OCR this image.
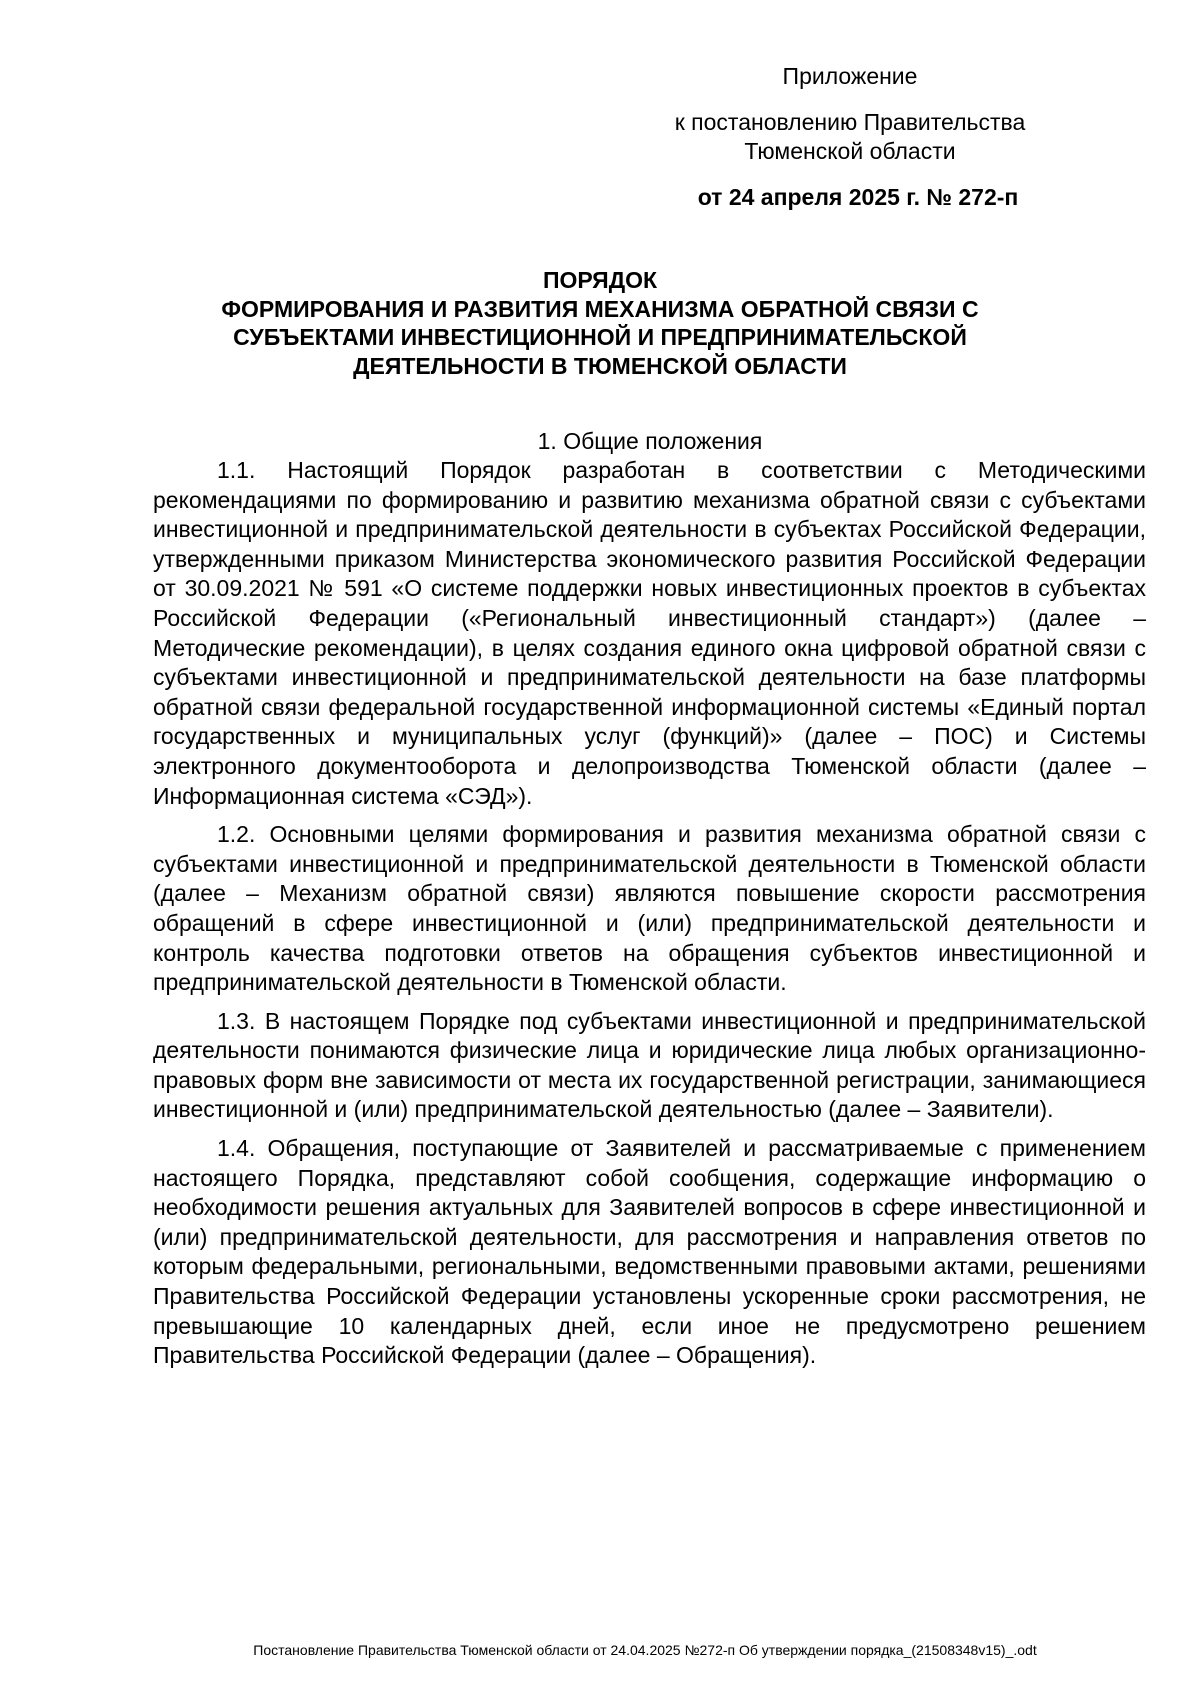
Приложение
к постановлению Правительства
Тюменской области
от 24 апреля 2025 г. № 272-п
ПОРЯДОК
ФОРМИРОВАНИЯ И РАЗВИТИЯ МЕХАНИЗМА ОБРАТНОЙ СВЯЗИ С
СУБЪЕКТАМИ ИНВЕСТИЦИОННОЙ И ПРЕДПРИНИМАТЕЛЬСКОЙ
ДЕЯТЕЛЬНОСТИ В ТЮМЕНСКОЙ ОБЛАСТИ
1. Общие положения

1.1. Настоящий Порядок разработан в соответствии с Методическими рекомендациями по формированию и развитию механизма обратной связи с субъектами инвестиционной и предпринимательской деятельности в субъектах Российской Федерации, утвержденными приказом Министерства экономического развития Российской Федерации от 30.09.2021 № 591 «О системе поддержки новых инвестиционных проектов в субъектах Российской Федерации («Региональный инвестиционный стандарт») (далее – Методические рекомендации), в целях создания единого окна цифровой обратной связи с субъектами инвестиционной и предпринимательской деятельности на базе платформы обратной связи федеральной государственной информационной системы «Единый портал государственных и муниципальных услуг (функций)» (далее – ПОС) и Системы электронного документооборота и делопроизводства Тюменской области (далее – Информационная система «СЭД»).

1.2. Основными целями формирования и развития механизма обратной связи с субъектами инвестиционной и предпринимательской деятельности в Тюменской области (далее – Механизм обратной связи) являются повышение скорости рассмотрения обращений в сфере инвестиционной и (или) предпринимательской деятельности и контроль качества подготовки ответов на обращения субъектов инвестиционной и предпринимательской деятельности в Тюменской области.

1.3. В настоящем Порядке под субъектами инвестиционной и предпринимательской деятельности понимаются физические лица и юридические лица любых организационно-правовых форм вне зависимости от места их государственной регистрации, занимающиеся инвестиционной и (или) предпринимательской деятельностью (далее – Заявители).

1.4. Обращения, поступающие от Заявителей и рассматриваемые с применением настоящего Порядка, представляют собой сообщения, содержащие информацию о необходимости решения актуальных для Заявителей вопросов в сфере инвестиционной и (или) предпринимательской деятельности, для рассмотрения и направления ответов по которым федеральными, региональными, ведомственными правовыми актами, решениями Правительства Российской Федерации установлены ускоренные сроки рассмотрения, не превышающие 10 календарных дней, если иное не предусмотрено решением Правительства Российской Федерации (далее – Обращения).

Постановление Правительства Тюменской области от 24.04.2025 №272-п Об утверждении порядка_(21508348v15)_.odt
